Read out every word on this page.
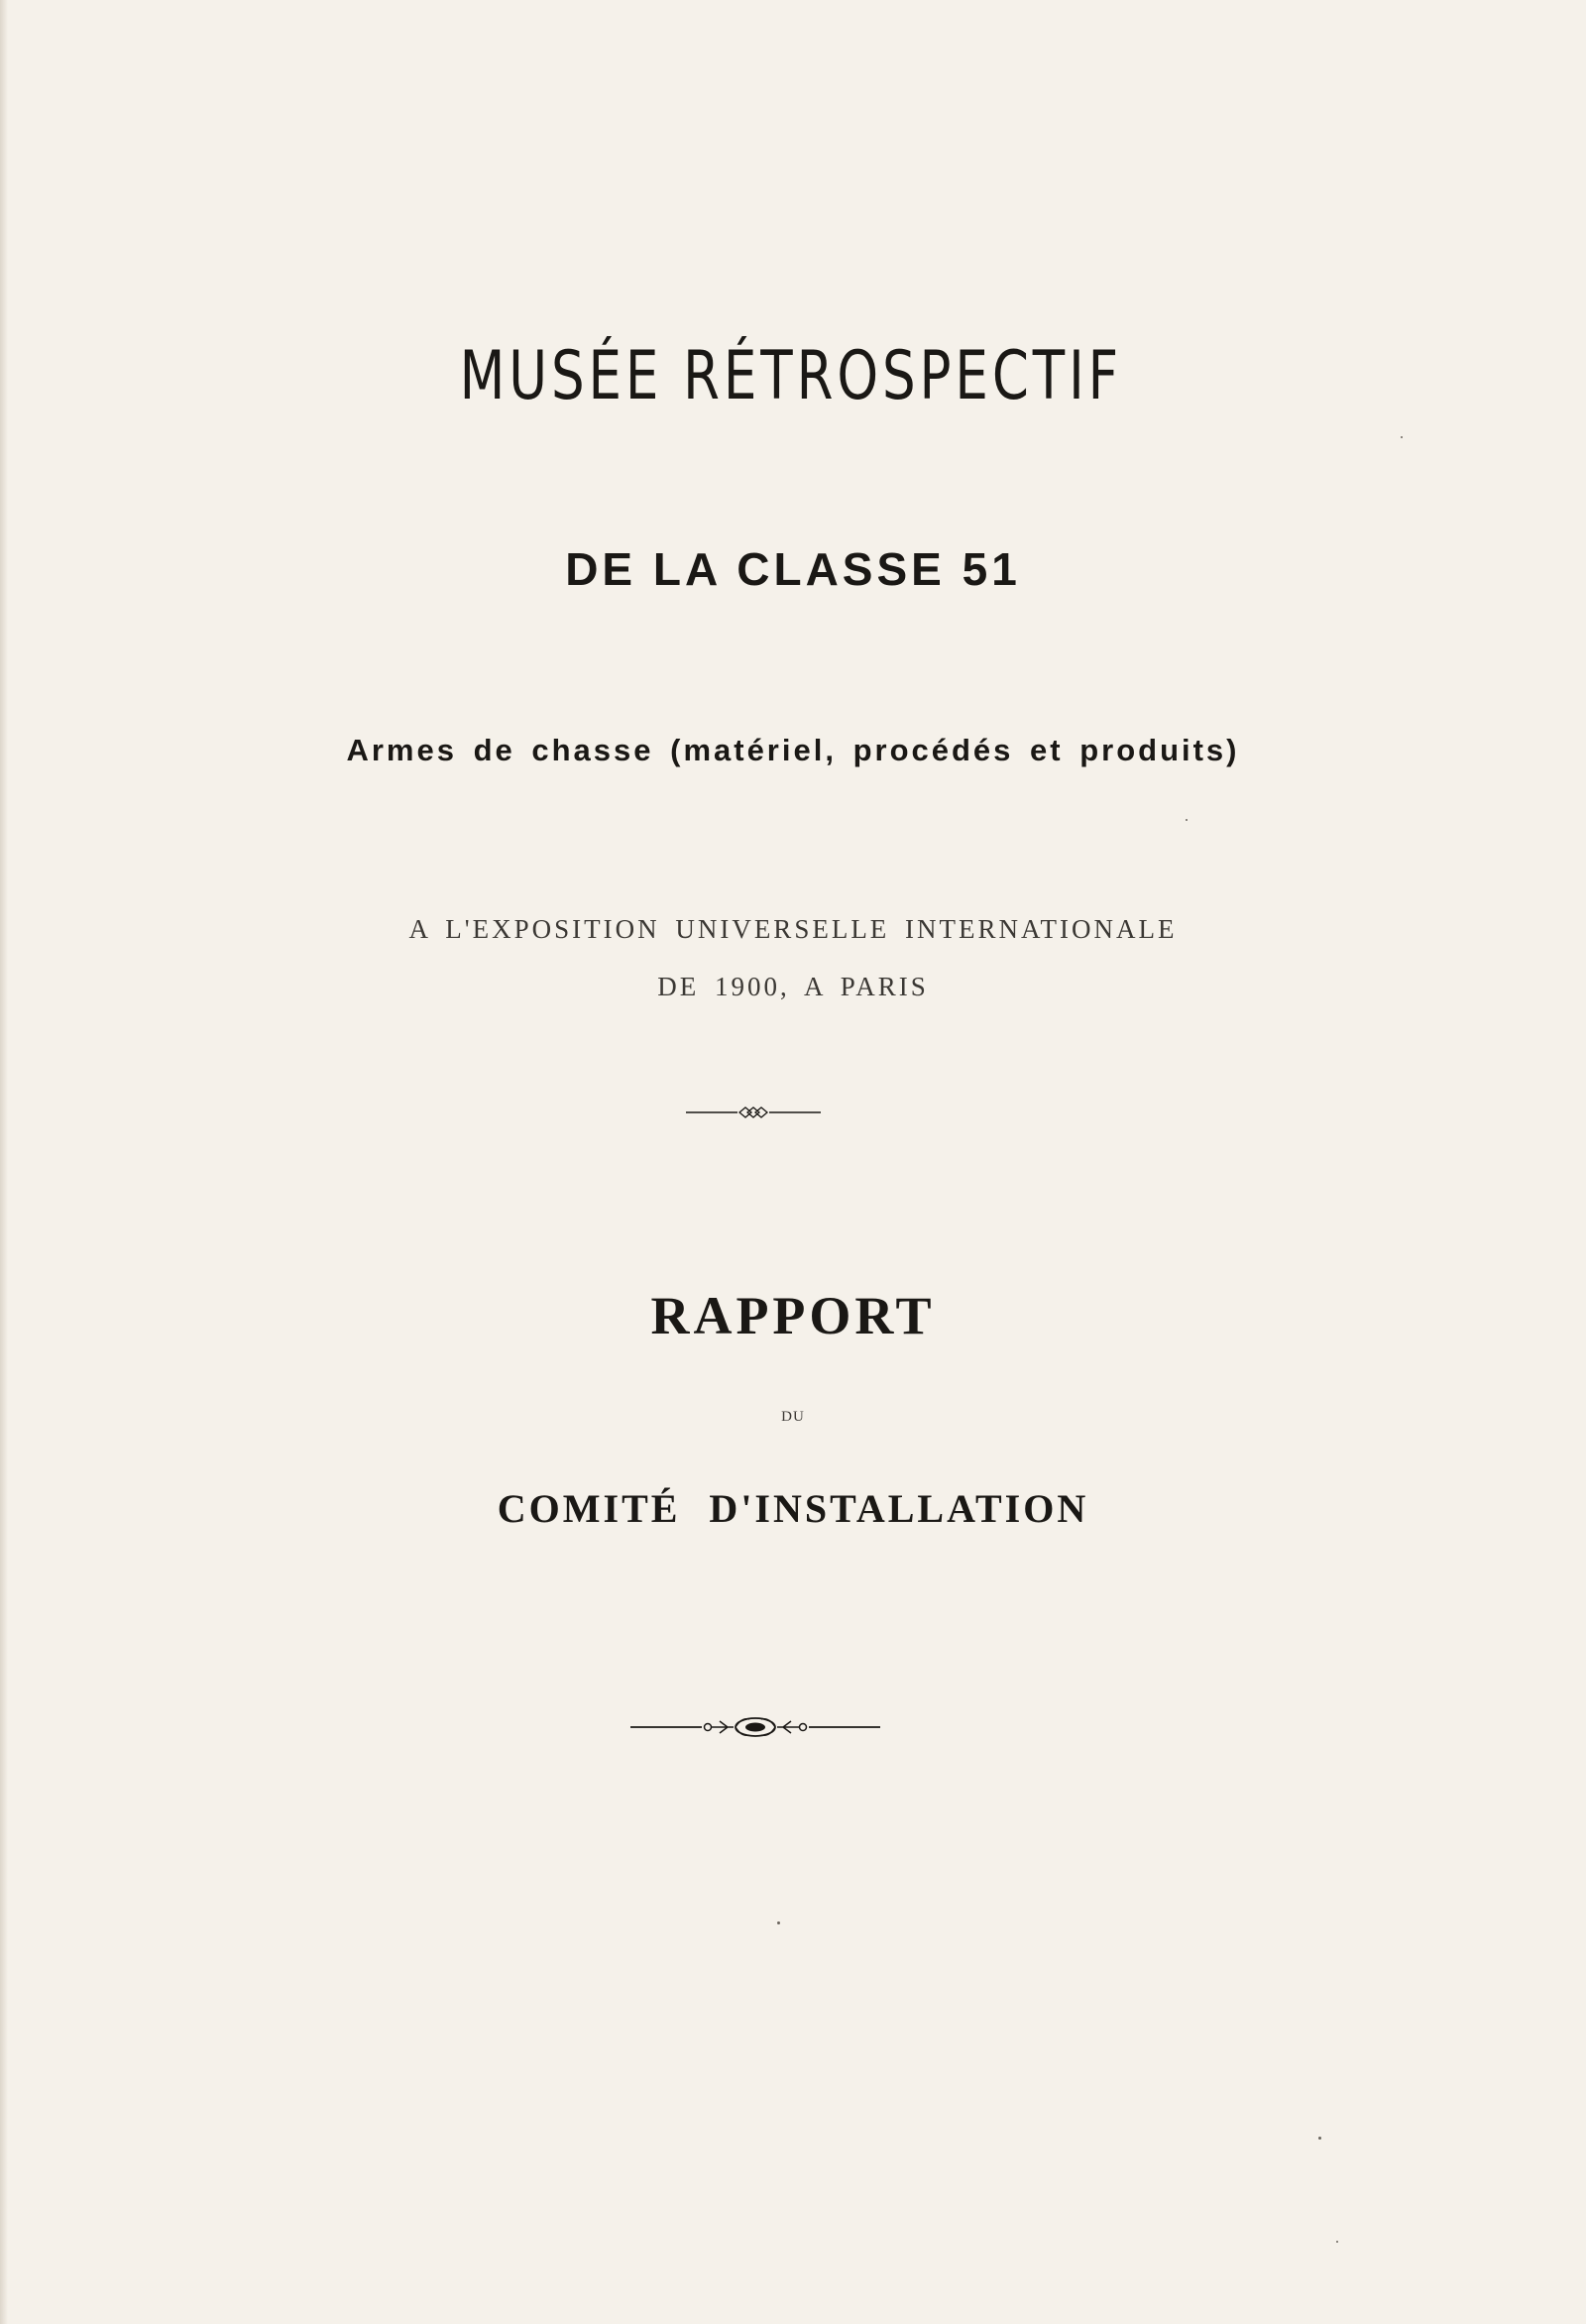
MUSÉE RÉTROSPECTIF
DE LA CLASSE 51

Armes de chasse (matériel, procédés et produits)

A L'EXPOSITION UNIVERSELLE INTERNATIONALE

DE 1900, A PARIS

RAPPORT

DU

COMITÉ D'INSTALLATION
